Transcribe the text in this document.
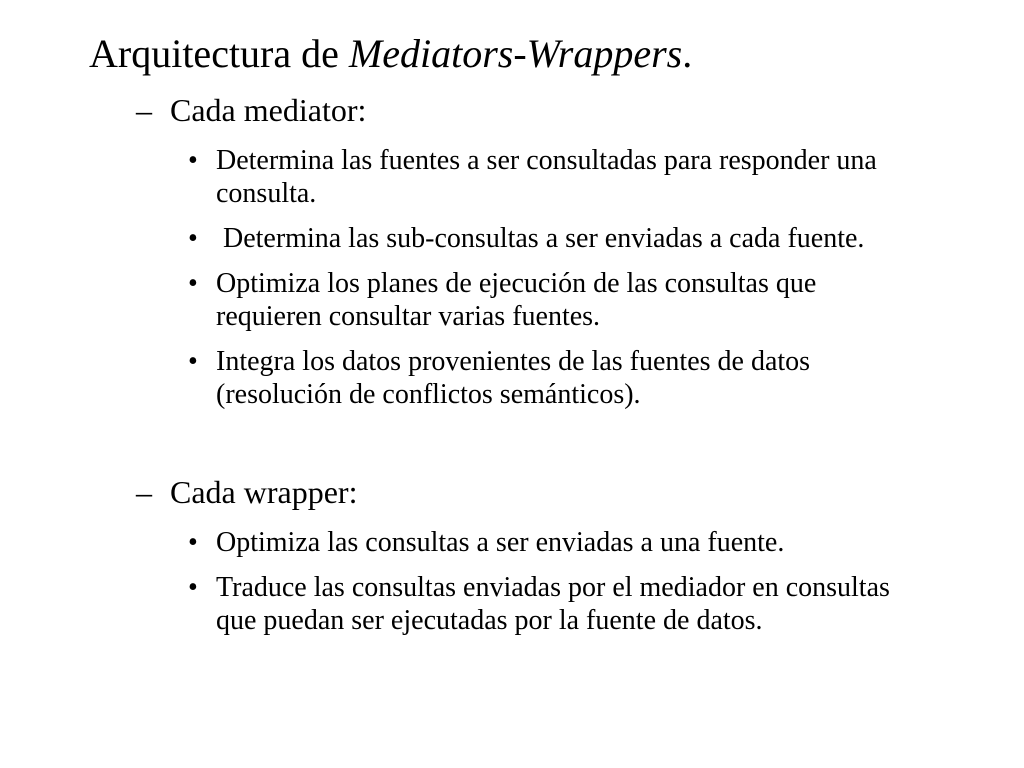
Arquitectura de Mediators-Wrappers.
– Cada mediator:
• Determina las fuentes a ser consultadas para responder una consulta.
• Determina las sub-consultas a ser enviadas a cada fuente.
• Optimiza los planes de ejecución de las consultas que requieren consultar varias fuentes.
• Integra los datos provenientes de las fuentes de datos (resolución de conflictos semánticos).
– Cada wrapper:
• Optimiza las consultas a ser enviadas a una fuente.
• Traduce las consultas enviadas por el mediador en consultas que puedan ser ejecutadas por la fuente de datos.
